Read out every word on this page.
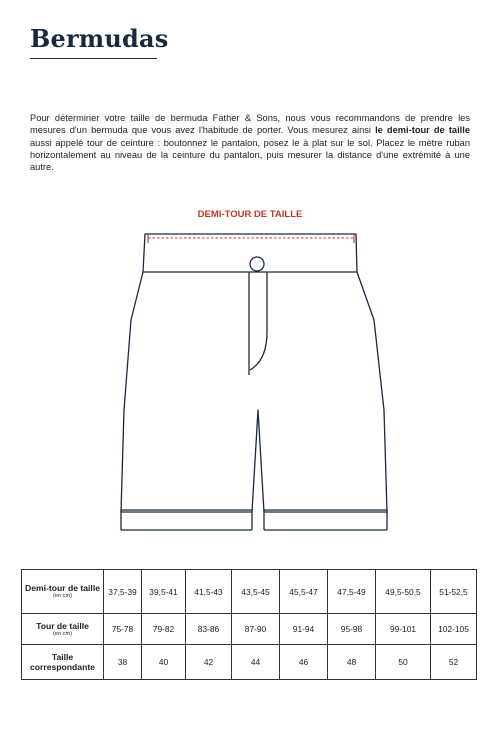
Bermudas
Pour déterminer votre taille de bermuda Father & Sons, nous vous recommandons de prendre les mesures d'un bermuda que vous avez l'habitude de porter. Vous mesurez ainsi le demi-tour de taille aussi appelé tour de ceinture : boutonnez le pantalon, posez le à plat sur le sol. Placez le mètre ruban horizontalement au niveau de la ceinture du pantalon, puis mesurer la distance d'une extrémité à une autre.
DEMI-TOUR DE TAILLE
Demi-tour de taille
(en cm)	37,5-39	39,5-41	41,5-43	43,5-45	45,5-47	47,5-49	49,5-50,5	51-52,5
Tour de taille
(en cm)	75-78	79-82	83-86	87-90	91-94	95-98	99-101	102-105
Taille correspondante	38	40	42	44	46	48	50	52
